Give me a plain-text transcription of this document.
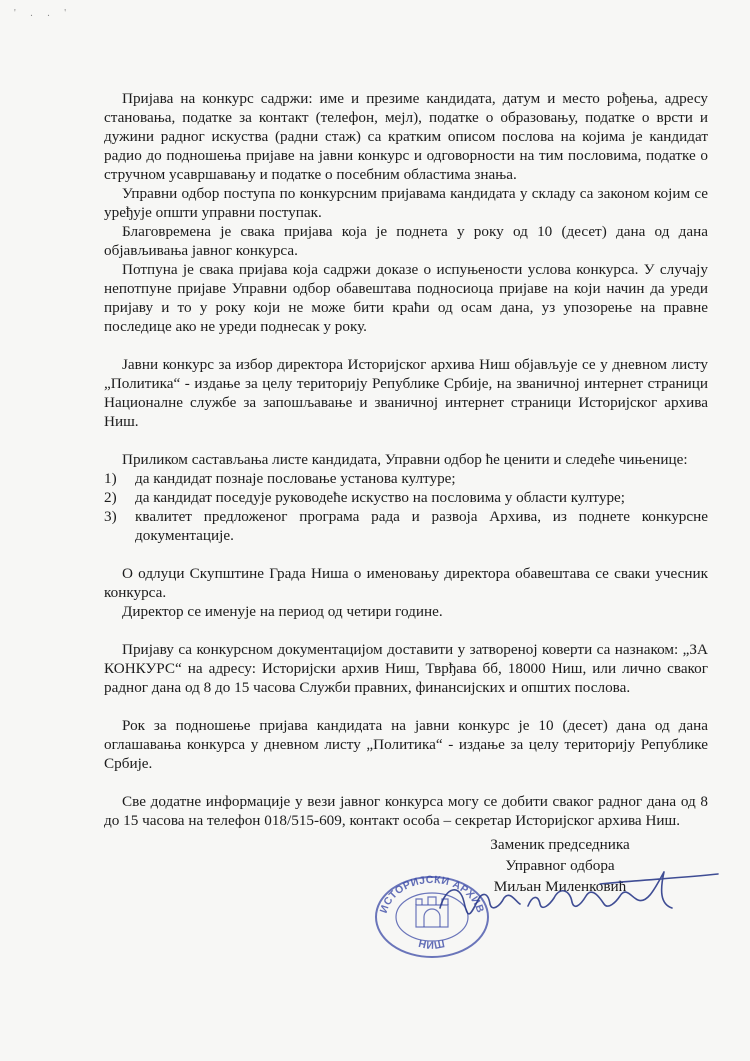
' . . '

Пријава на конкурс садржи: име и презиме кандидата, датум и место рођења, адресу становања, податке за контакт (телефон, мејл), податке о образовању, податке о врсти и дужини радног искуства (радни стаж) са кратким описом послова на којима је кандидат радио до подношења пријаве на јавни конкурс и одговорности на тим пословима, податке о стручном усавршавању и податке о посебним областима знања.

Управни одбор поступа по конкурсним пријавама кандидата у складу са законом којим се уређује општи управни поступак.

Благовремена је свака пријава која је поднета у року од 10 (десет) дана од дана објављивања јавног конкурса.

Потпуна је свака пријава која садржи доказе о испуњености услова конкурса. У случају непотпуне пријаве Управни одбор обавештава подносиоца пријаве на који начин да уреди пријаву и то у року који не може бити краћи од осам дана, уз упозорење на правне последице ако не уреди поднесак у року.

Јавни конкурс за избор директора Историјског архива Ниш објављује се у дневном листу „Политика“ - издање за целу територију Републике Србије, на званичној интернет страници Националне службе за запошљавање и званичној интернет страници Историјског архива Ниш.

Приликом састављања листе кандидата, Управни одбор ће ценити и следеће чињенице:

1) да кандидат познаје пословање установа културе;
2) да кандидат поседује руководеће искуство на пословима у области културе;
3) квалитет предложеног програма рада и развоја Архива, из поднете конкурсне документације.

О одлуци Скупштине Града Ниша о именовању директора обавештава се сваки учесник конкурса.

Директор се именује на период од четири године.

Пријаву са конкурсном документацијом доставити у затвореној коверти са назнаком: „ЗА КОНКУРС“ на адресу: Историјски архив Ниш, Тврђава бб, 18000 Ниш, или лично сваког радног дана од 8 до 15 часова Служби правних, финансијских и општих послова.

Рок за подношење пријава кандидата на јавни конкурс је 10 (десет) дана од дана оглашавања конкурса у дневном листу „Политика“ - издање за целу територију Републике Србије.

Све додатне информације у вези јавног конкурса могу се добити сваког радног дана од 8 до 15 часова на телефон 018/515-609, контакт особа – секретар Историјског архива Ниш.

Заменик председника
Управног одбора
Миљан Миленковић
ИСТОРИЈСКИ АРХИВ
НИШ
